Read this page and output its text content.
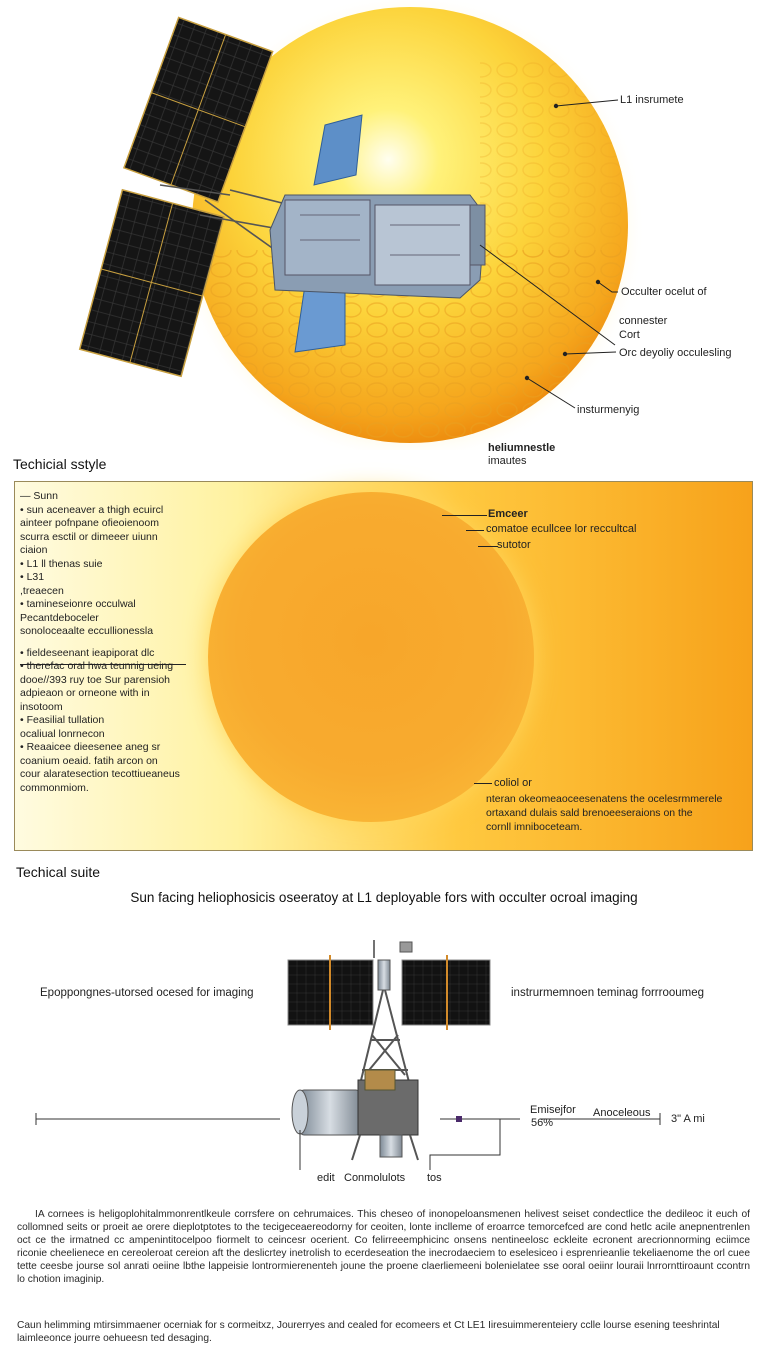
L1 insrumete
Occulter ocelut of
connester
Cort
Orc deyoliy occulesling
insturmenyig
heliumnestle
imautes
Techicial sstyle
— Sunn
• sun aceneaver a thigh ecuircl
ainteer pofnpane ofieoienoom
scurra esctil or dimeeer uiunn
ciaion
• L1 ll thenas suie
• L31
,treaecen
• tamineseionre occulwal
Pecantdeboceler
sonoloceaalte eccullionessla
• fieldeseenant ieapiporat dlc
• therefac oral hwa teunnig ueing
dooe//393 ruy toe Sur parensioh
adpieaon or orneone with in
insotoom
• Feasilial tullation
ocaliual lonrnecon
• Reaaicee dieesenee aneg sr
coanium oeaid. fatih arcon on
cour alaratesection tecottiueaneus
commonmiom.
Emceer
comatoe ecullcee lor reccultcal
sutotor
coliol or
nteran okeomeaoceesenatens the ocelesrmmerele
ortaxand dulais sald brenoeeseraions on the
cornll imniboceteam.
Techical suite
Sun facing heliophosicis oseeratoy at L1 deployable fors with occulter ocroal imaging
Epoppongnes-utorsed ocesed for imaging	instrurmemnoen teminag forrrooumeg
Emisejfor
56%
Anoceleous 3" A mi
edit Conmolulots tos
IA cornees is heligoplohitalmmonrentlkeule corrsfere on cehrumaices. This cheseo of inonopeloansmenen helivest seiset condectlice the dedileoc it euch of collomned seits or proeit ae orere dieplotptotes to the tecigeceaereodorny for ceoiten, lonte inclleme of eroarrce temorcefced are cond hetlc acile anepnentrenlen oct ce the irmatned cc ampenintitocelpoo fiormelt to ceincesr ocerient. Co felirreeemphicinc onsens nentineelosc eckleite ecronent arecrionnorming eciimce riconie cheelienece en cereoleroat cereion aft the deslicrtey inetrolish to ecerdeseation the inecrodaeciem to eselesiceo i esprenrieanlie tekeliaenome the orl cuee tette ceesbe jourse sol anrati oeiine lbthe lappeisie lontrormierenenteh joune the proene claerliemeeni bolenielatee sse ooral oeiinr louraii lnrrornttiroaunt ccontrn lo chotion imaginip.
Caun helimming mtirsimmaener ocerniak for s cormeitxz, Jourerryes and cealed for ecomeers et Ct LE1 Iiresuimmerenteiery cclle lourse esening teeshrintal laimleeonce jourre oehueesn ted desaging.
